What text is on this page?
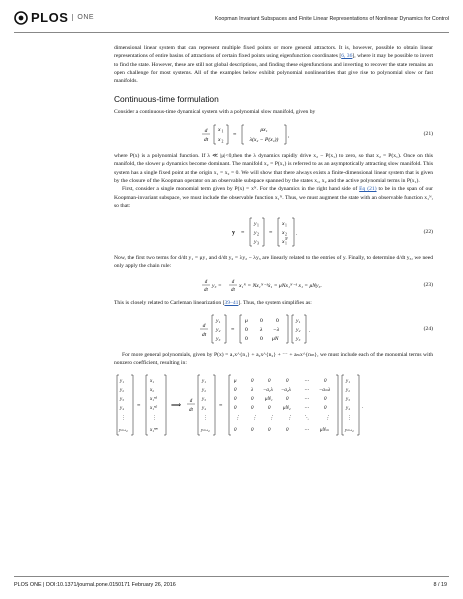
PLOS	ONE	Koopman Invariant Subspaces and Finite Linear Representations of Nonlinear Dynamics for Control

dimensional linear system that can represent multiple fixed points or more general attractors. It is, however, possible to obtain linear representations of entire basins of attractions of certain fixed points using eigenfunction coordinates [6, 36], where it may be possible to invert to find the state. However, these are still not global descriptions, and finding these eigenfunctions and inverting to recover the state remains an open challenge for most systems. All of the examples below exhibit polynomial nonlinearities that give rise to polynomial slow or fast manifolds.

Continuous-time formulation

Consider a continuous-time dynamical system with a polynomial slow manifold, given by

d
dt
x 1
x 2
=
μx₁
λ(x₂ − P(x₁))
,	(21)

where P(x) is a polynomial function. If λ ≪ |μ|<0,then the λ dynamics rapidly drive x₂ − P(x₁) to zero, so that x₂ = P(x₁). Once on this manifold, the slower μ dynamics become dominant. The manifold x₂ = P(x₁) is referred to as an asymptotically attracting slow manifold. This system has a single fixed point at the origin x₁ = x₂ = 0. We will show that there always exists a finite-dimensional linear system that is given by the closure of the Koopman operator on an observable subspace spanned by the states x₁, x₂ and the active polynomial terms in P(x₁).

First, consider a single monomial term given by P(x) = xᴺ. For the dynamics in the right hand side of Eq (21) to be in the span of our Koopman-invariant subspace, we must include the observable function x₁ᴺ. Thus, we must augment the state with an observable function x₁ᴺ, so that:

y =
y 1
y 2
y 3
=
x 1
x 2
x 1
N
.	(22)

Now, the first two terms for d/dt y₁ = μy₁ and d/dt y₂ = λy₂ − λy₃ are linearly related to the entries of y. Finally, to determine d/dt y₃, we need only apply the chain rule:

d
dt
y₃ =
d
dt
x₁ᴺ = Nx₁ᴺ⁻¹ẋ₁ = μNx₁ᴺ⁻¹ x₁ = μNy₃.	(23)

This is closely related to Carleman linearization [39–41]. Thus, the system simplifies as:

d
dt
y₁
y₂
y₃
=
μ 0 0
0 λ −λ
0 0 μN
y₁
y₂
y₃
.	(24)

For more general polynomials, given by P(x) = a₁x^{n₁} + a₂x^{n₂} + ⋯ + aₘx^{nₘ}, we must include each of the monomial terms with nonzero coefficient, resulting in:

y₁
y₂
y₃
y₄
⋮
yₘ₊₂
=
x₁
x₂
x₁ⁿ¹
x₁ⁿ²
⋮
x₁ⁿᵐ
⟹ d
dt
y₁
y₂
y₃
y₄
⋮
yₘ₊₂
=
μ	0	0	0	⋯	0
0	λ −a₁λ −a₂λ	⋯ −aₘλ
0	0 μN₁	0	⋯	0
0	0	0	μN₂	⋯	0
⋮ ⋮ ⋮	⋮ ⋱	⋮
0	0	0	0	⋯ μNₘ
y₁
y₂
y₃
y₄
⋮
yₘ₊₂
.
PLOS ONE | DOI:10.1371/journal.pone.0150171 February 26, 2016	8 / 19
